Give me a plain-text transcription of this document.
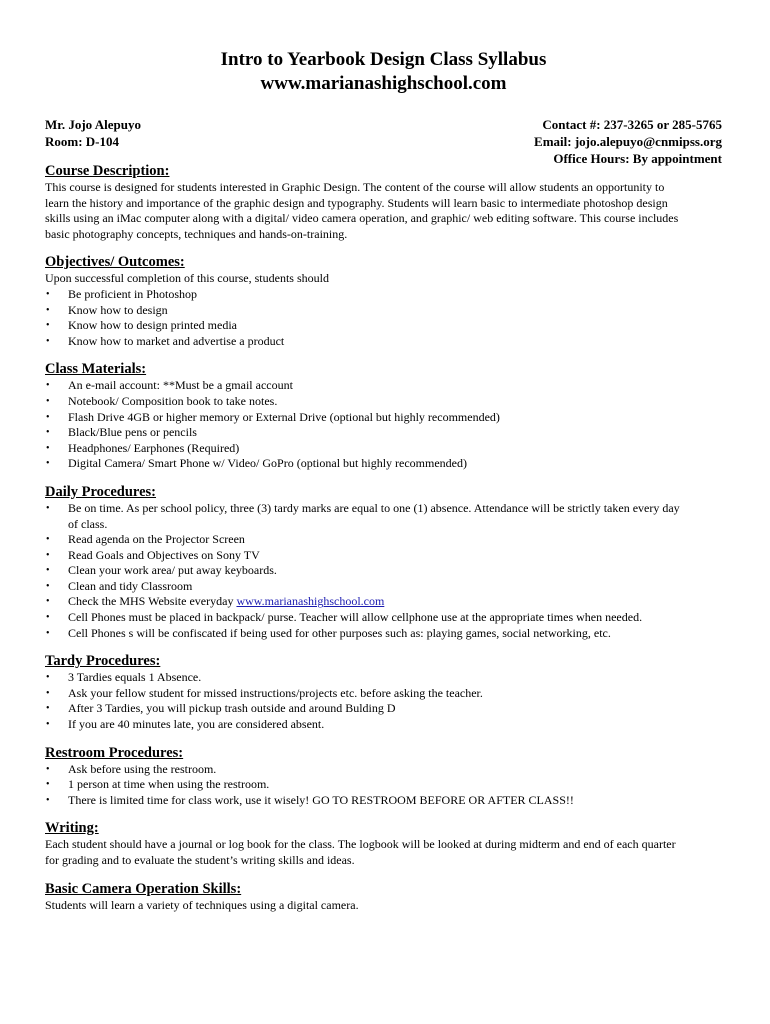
Intro to Yearbook Design Class Syllabus
www.marianashighschool.com
Mr. Jojo Alepuyo
Room: D-104
Contact #: 237-3265 or 285-5765
Email: jojo.alepuyo@cnmipss.org
Office Hours: By appointment
Course Description:

This course is designed for students interested in Graphic Design. The content of the course will allow students an opportunity to

learn the history and importance of the graphic design and typography. Students will learn basic to intermediate photoshop design

skills using an iMac computer along with a digital/ video camera operation, and graphic/ web editing software. This course includes

basic photography concepts, techniques and hands-on-training.

Objectives/ Outcomes:

Upon successful completion of this course, students should

• Be proficient in Photoshop
• Know how to design
• Know how to design printed media
• Know how to market and advertise a product
Class Materials:
• An e-mail account: **Must be a gmail account
• Notebook/ Composition book to take notes.
• Flash Drive 4GB or higher memory or External Drive (optional but highly recommended)
• Black/Blue pens or pencils
• Headphones/ Earphones (Required)
• Digital Camera/ Smart Phone w/ Video/ GoPro (optional but highly recommended)
Daily Procedures:
• Be on time. As per school policy, three (3) tardy marks are equal to one (1) absence. Attendance will be strictly taken every day
of class.
• Read agenda on the Projector Screen
• Read Goals and Objectives on Sony TV
• Clean your work area/ put away keyboards.
• Clean and tidy Classroom
• Check the MHS Website everyday www.marianashighschool.com
• Cell Phones must be placed in backpack/ purse. Teacher will allow cellphone use at the appropriate times when needed.
• Cell Phones s will be confiscated if being used for other purposes such as: playing games, social networking, etc.
Tardy Procedures:
• 3 Tardies equals 1 Absence.
• Ask your fellow student for missed instructions/projects etc. before asking the teacher.
• After 3 Tardies, you will pickup trash outside and around Bulding D
• If you are 40 minutes late, you are considered absent.
Restroom Procedures:
• Ask before using the restroom.
• 1 person at time when using the restroom.
• There is limited time for class work, use it wisely! GO TO RESTROOM BEFORE OR AFTER CLASS!!
Writing:

Each student should have a journal or log book for the class. The logbook will be looked at during midterm and end of each quarter

for grading and to evaluate the student’s writing skills and ideas.

Basic Camera Operation Skills:

Students will learn a variety of techniques using a digital camera.
